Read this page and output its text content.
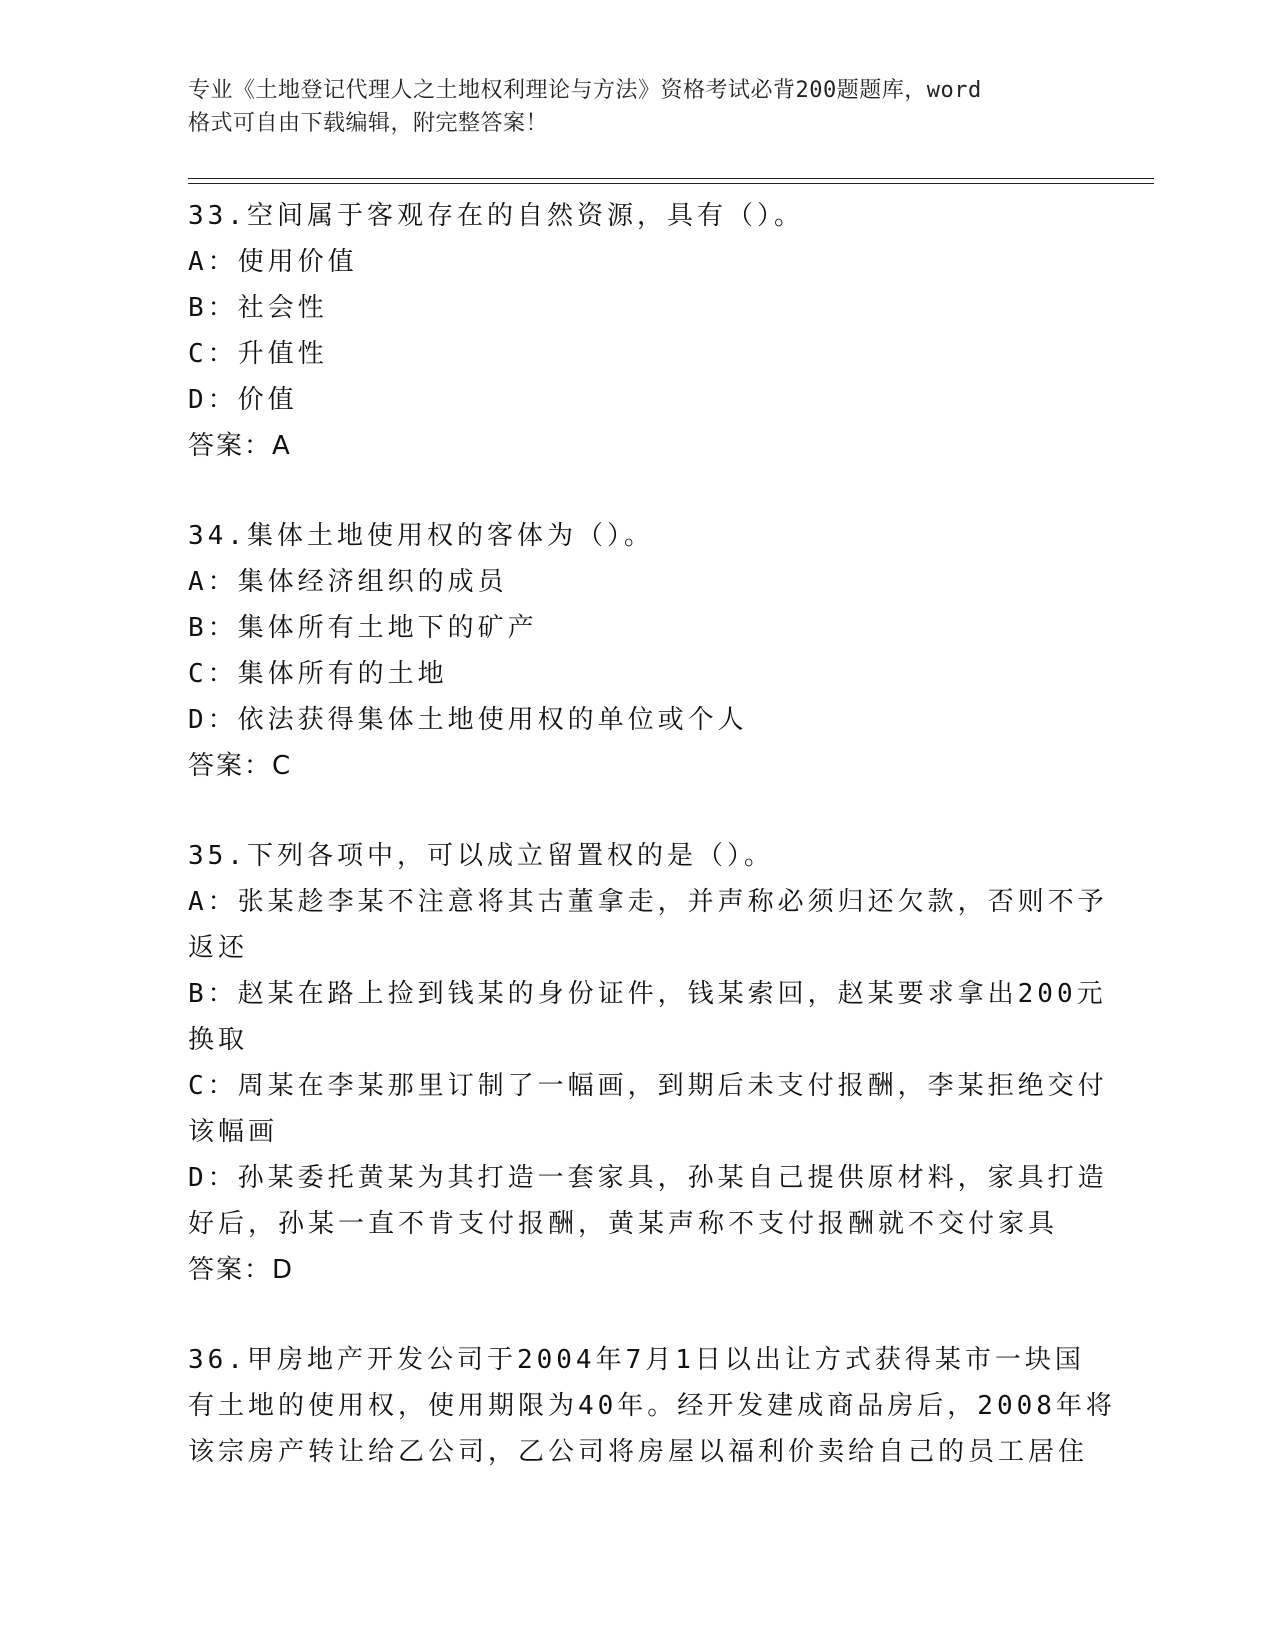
专业《土地登记代理人之土地权利理论与方法》资格考试必背200题题库，word
格式可自由下载编辑，附完整答案！
33.空间属于客观存在的自然资源，具有（）。
A：使用价值
B：社会性
C：升值性
D：价值
答案：A
34.集体土地使用权的客体为（）。
A：集体经济组织的成员
B：集体所有土地下的矿产
C：集体所有的土地
D：依法获得集体土地使用权的单位或个人
答案：C
35.下列各项中，可以成立留置权的是（）。
A：张某趁李某不注意将其古董拿走，并声称必须归还欠款，否则不予
返还
B：赵某在路上捡到钱某的身份证件，钱某索回，赵某要求拿出200元
换取
C：周某在李某那里订制了一幅画，到期后未支付报酬，李某拒绝交付
该幅画
D：孙某委托黄某为其打造一套家具，孙某自己提供原材料，家具打造
好后，孙某一直不肯支付报酬，黄某声称不支付报酬就不交付家具
答案：D
36.甲房地产开发公司于2004年7月1日以出让方式获得某市一块国
有土地的使用权，使用期限为40年。经开发建成商品房后，2008年将
该宗房产转让给乙公司，乙公司将房屋以福利价卖给自己的员工居住
